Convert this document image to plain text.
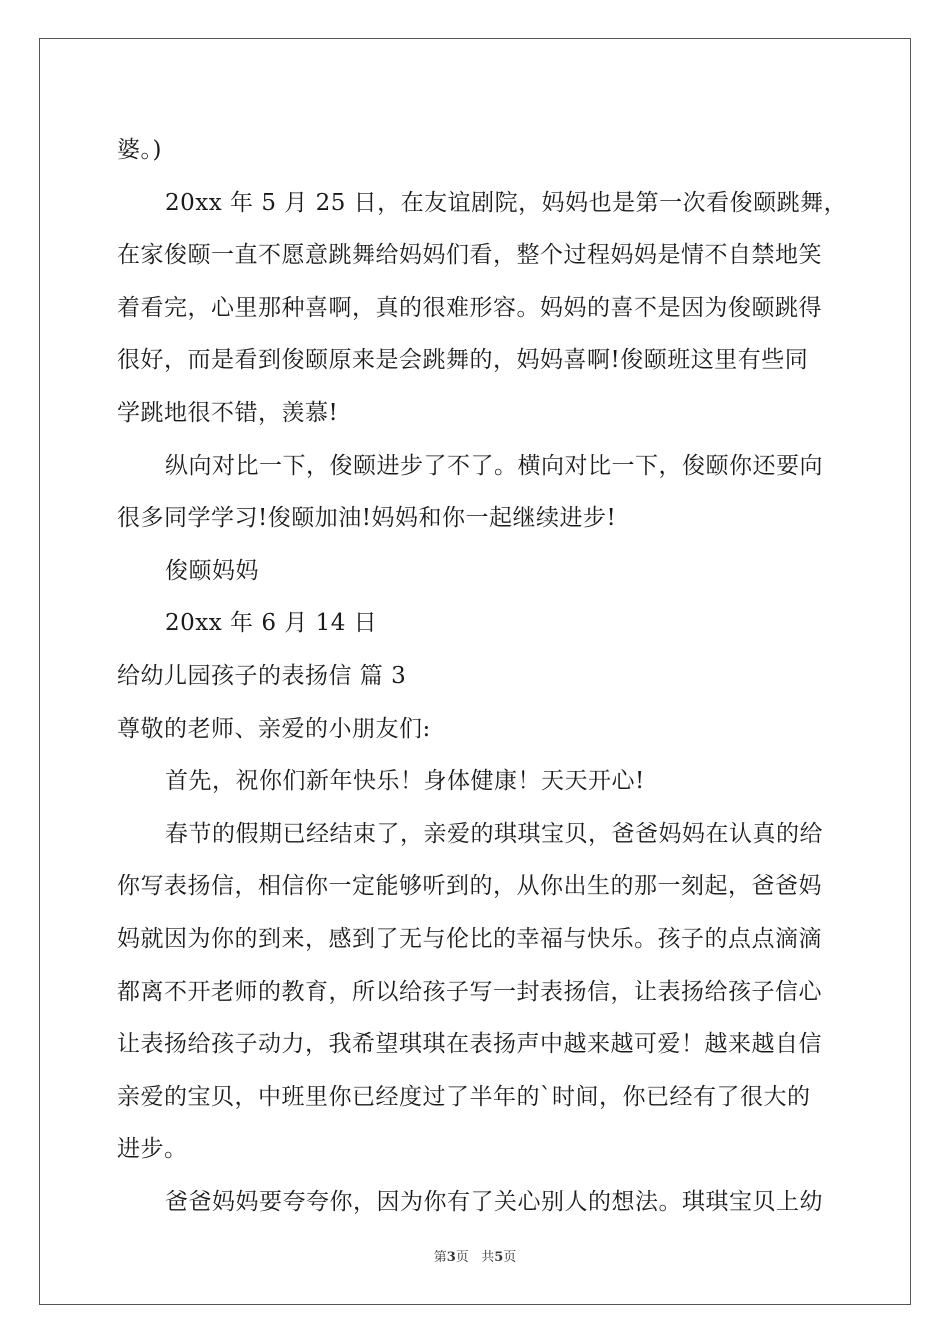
婆。)
20xx 年 5 月 25 日，在友谊剧院，妈妈也是第一次看俊颐跳舞，
在家俊颐一直不愿意跳舞给妈妈们看，整个过程妈妈是情不自禁地笑
着看完，心里那种喜啊，真的很难形容。妈妈的喜不是因为俊颐跳得
很好，而是看到俊颐原来是会跳舞的，妈妈喜啊!俊颐班这里有些同
学跳地很不错，羡慕!
纵向对比一下，俊颐进步了不了。横向对比一下，俊颐你还要向
很多同学学习!俊颐加油!妈妈和你一起继续进步!
俊颐妈妈
20xx 年 6 月 14 日
给幼儿园孩子的表扬信 篇 3
尊敬的老师、亲爱的小朋友们:
首先，祝你们新年快乐！身体健康！天天开心!
春节的假期已经结束了，亲爱的琪琪宝贝，爸爸妈妈在认真的给
你写表扬信，相信你一定能够听到的，从你出生的那一刻起，爸爸妈
妈就因为你的到来，感到了无与伦比的幸福与快乐。孩子的点点滴滴
都离不开老师的教育，所以给孩子写一封表扬信，让表扬给孩子信心
让表扬给孩子动力，我希望琪琪在表扬声中越来越可爱！越来越自信
亲爱的宝贝，中班里你已经度过了半年的`时间，你已经有了很大的
进步。
爸爸妈妈要夸夸你，因为你有了关心别人的想法。琪琪宝贝上幼
第3页 共5页
